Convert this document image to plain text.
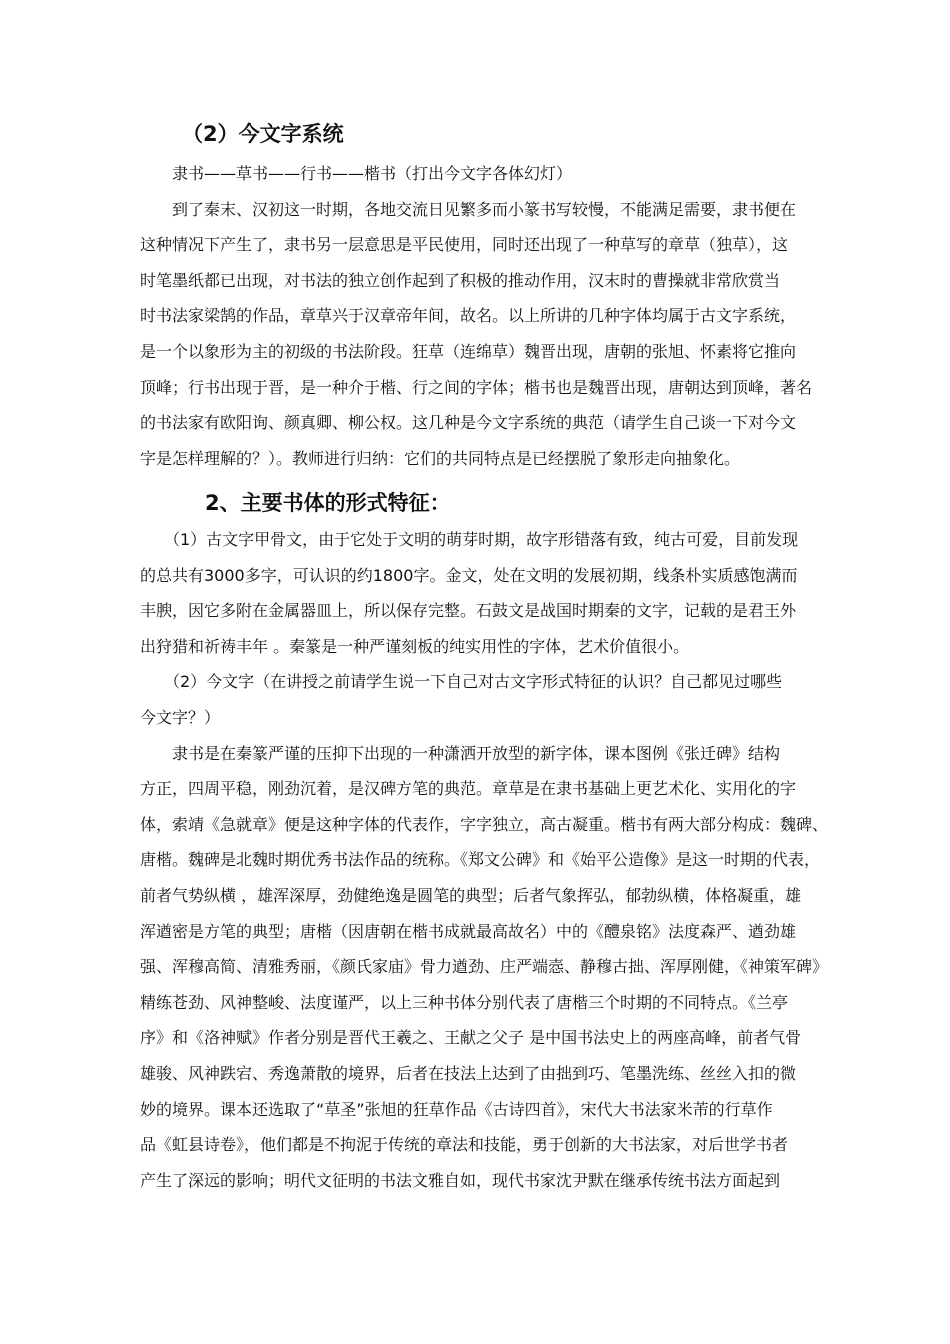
（2）今文字系统

　　隶书——草书——行书——楷书（打出今文字各体幻灯）

　　到了秦末、汉初这一时期，各地交流日见繁多而小篆书写较慢，不能满足需要，隶书便在

这种情况下产生了，隶书另一层意思是平民使用，同时还出现了一种草写的章草（独草），这

时笔墨纸都已出现，对书法的独立创作起到了积极的推动作用，汉末时的曹操就非常欣赏当

时书法家梁鹄的作品，章草兴于汉章帝年间，故名。以上所讲的几种字体均属于古文字系统，

是一个以象形为主的初级的书法阶段。狂草（连绵草）魏晋出现，唐朝的张旭、怀素将它推向

顶峰；行书出现于晋，是一种介于楷、行之间的字体；楷书也是魏晋出现，唐朝达到顶峰，著名

的书法家有欧阳询、颜真卿、柳公权。这几种是今文字系统的典范（请学生自己谈一下对今文

字是怎样理解的？）。教师进行归纳：它们的共同特点是已经摆脱了象形走向抽象化。

2、主要书体的形式特征：

　　（1）古文字甲骨文，由于它处于文明的萌芽时期，故字形错落有致，纯古可爱，目前发现

的总共有3000多字，可认识的约1800字。金文，处在文明的发展初期，线条朴实质感饱满而

丰腴，因它多附在金属器皿上，所以保存完整。石鼓文是战国时期秦的文字，记载的是君王外

出狩猎和祈祷丰年 。秦篆是一种严谨刻板的纯实用性的字体，艺术价值很小。

　　（2）今文字（在讲授之前请学生说一下自己对古文字形式特征的认识？自己都见过哪些

今文字？）

　　隶书是在秦篆严谨的压抑下出现的一种潇洒开放型的新字体，课本图例《张迁碑》结构

方正，四周平稳，刚劲沉着，是汉碑方笔的典范。章草是在隶书基础上更艺术化、实用化的字

体，索靖《急就章》便是这种字体的代表作，字字独立，高古凝重。楷书有两大部分构成：魏碑、

唐楷。魏碑是北魏时期优秀书法作品的统称。《郑文公碑》和《始平公造像》是这一时期的代表，

前者气势纵横 ，雄浑深厚，劲健绝逸是圆笔的典型；后者气象挥弘，郁勃纵横，体格凝重，雄

浑遒密是方笔的典型；唐楷（因唐朝在楷书成就最高故名）中的《醴泉铭》法度森严、遒劲雄

强、浑穆高简、清雅秀丽，《颜氏家庙》骨力遒劲、庄严端悫、静穆古拙、浑厚刚健，《神策军碑》

精练苍劲、风神整峻、法度谨严，以上三种书体分别代表了唐楷三个时期的不同特点。《兰亭

序》和《洛神赋》作者分别是晋代王羲之、王献之父子 是中国书法史上的两座高峰，前者气骨

雄骏、风神跌宕、秀逸萧散的境界，后者在技法上达到了由拙到巧、笔墨洗练、丝丝入扣的微

妙的境界。课本还选取了“草圣”张旭的狂草作品《古诗四首》，宋代大书法家米芾的行草作

品《虹县诗卷》，他们都是不拘泥于传统的章法和技能，勇于创新的大书法家，对后世学书者

产生了深远的影响；明代文征明的书法文雅自如，现代书家沈尹默在继承传统书法方面起到
